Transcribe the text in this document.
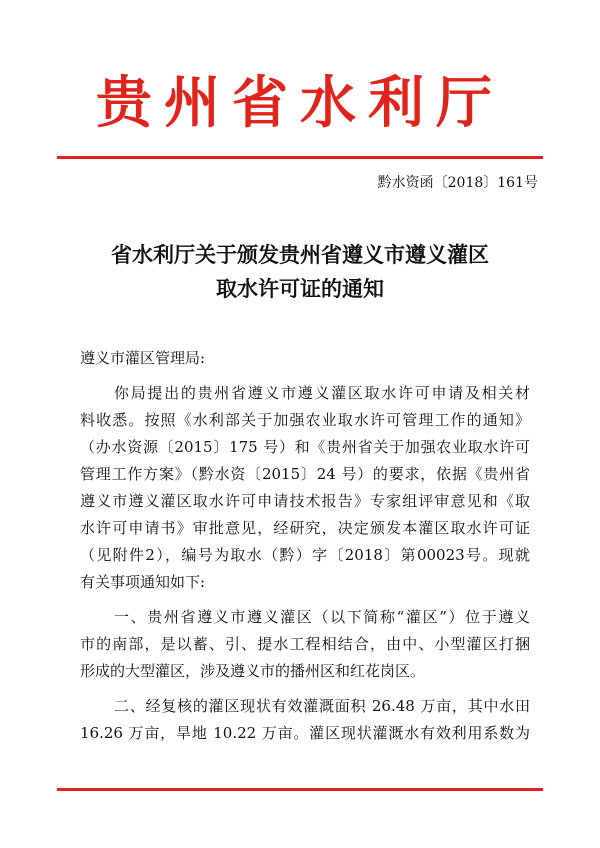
贵州省水利厅
黔水资函〔2018〕161号
省水利厅关于颁发贵州省遵义市遵义灌区
取水许可证的通知
遵义市灌区管理局:
你局提出的贵州省遵义市遵义灌区取水许可申请及相关材
料收悉。按照《水利部关于加强农业取水许可管理工作的通知》
（办水资源〔2015〕175 号）和《贵州省关于加强农业取水许可
管理工作方案》（黔水资〔2015〕24 号）的要求，依据《贵州省
遵义市遵义灌区取水许可申请技术报告》专家组评审意见和《取
水许可申请书》审批意见，经研究，决定颁发本灌区取水许可证
（见附件2），编号为取水（黔）字〔2018〕第00023号。现就
有关事项通知如下:
一、贵州省遵义市遵义灌区（以下简称“灌区”）位于遵义
市的南部，是以蓄、引、提水工程相结合，由中、小型灌区打捆
形成的大型灌区，涉及遵义市的播州区和红花岗区。
二、经复核的灌区现状有效灌溉面积 26.48 万亩，其中水田
16.26 万亩，旱地 10.22 万亩。灌区现状灌溉水有效利用系数为
